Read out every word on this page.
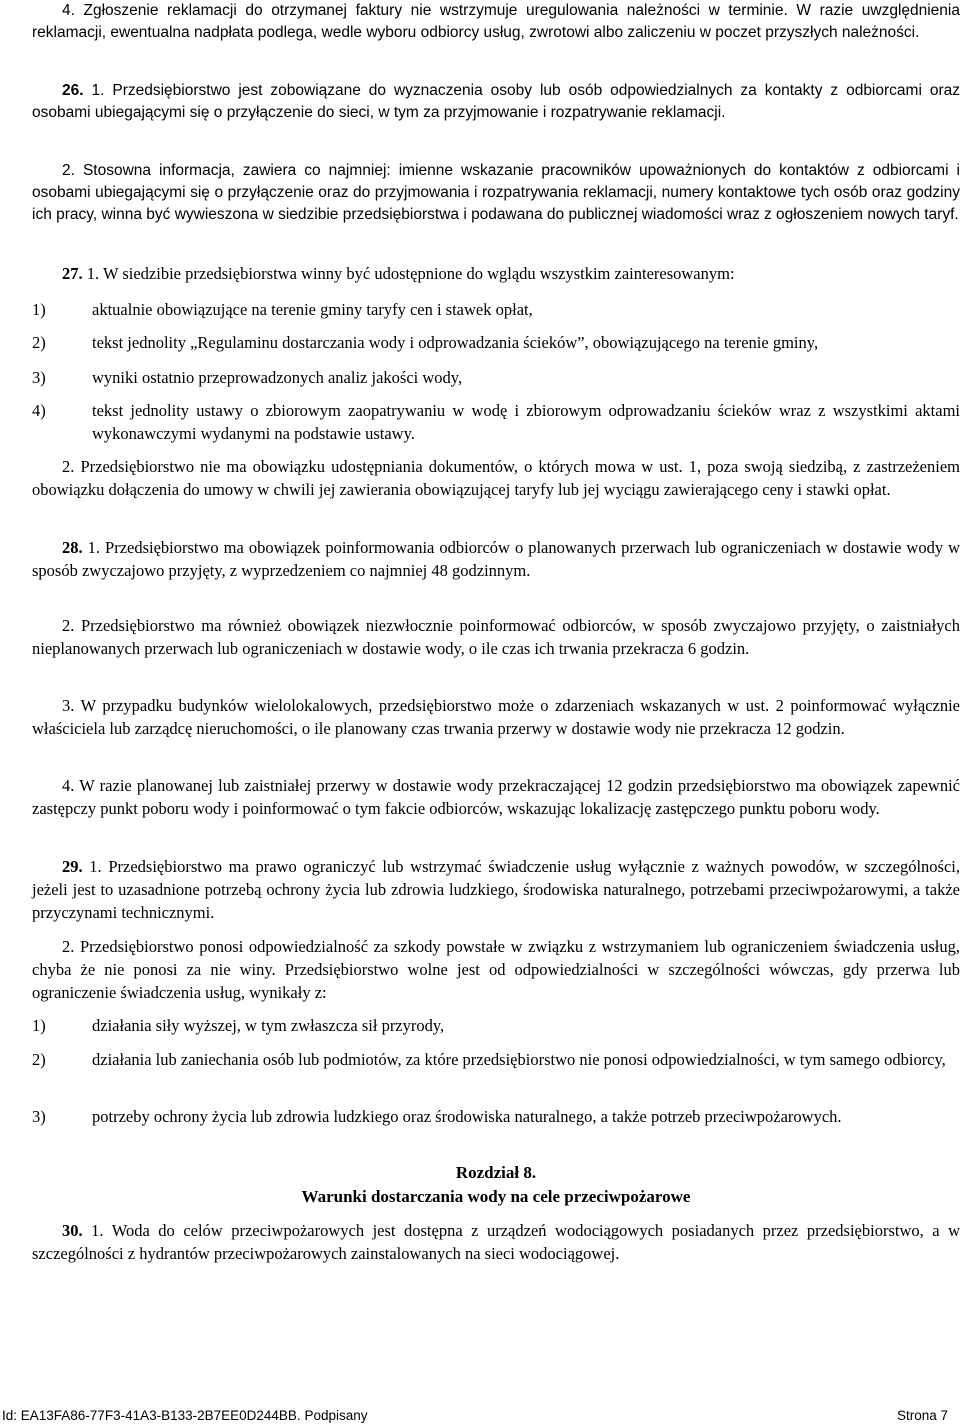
4. Zgłoszenie reklamacji do otrzymanej faktury nie wstrzymuje uregulowania należności w terminie. W razie uwzględnienia reklamacji, ewentualna nadpłata podlega, wedle wyboru odbiorcy usług, zwrotowi albo zaliczeniu w poczet przyszłych należności.

26. 1. Przedsiębiorstwo jest zobowiązane do wyznaczenia osoby lub osób odpowiedzialnych za kontakty z odbiorcami oraz osobami ubiegającymi się o przyłączenie do sieci, w tym za przyjmowanie i rozpatrywanie reklamacji.

2. Stosowna informacja, zawiera co najmniej: imienne wskazanie pracowników upoważnionych do kontaktów z odbiorcami i osobami ubiegającymi się o przyłączenie oraz do przyjmowania i rozpatrywania reklamacji, numery kontaktowe tych osób oraz godziny ich pracy, winna być wywieszona w siedzibie przedsiębiorstwa i podawana do publicznej wiadomości wraz z ogłoszeniem nowych taryf.

27. 1. W siedzibie przedsiębiorstwa winny być udostępnione do wglądu wszystkim zainteresowanym:

1)	aktualnie obowiązujące na terenie gminy taryfy cen i stawek opłat,
2)	tekst jednolity „Regulaminu dostarczania wody i odprowadzania ścieków”, obowiązującego na terenie gminy,
3)	wyniki ostatnio przeprowadzonych analiz jakości wody,
4)	tekst jednolity ustawy o zbiorowym zaopatrywaniu w wodę i zbiorowym odprowadzaniu ścieków wraz z wszystkimi aktami wykonawczymi wydanymi na podstawie ustawy.

2. Przedsiębiorstwo nie ma obowiązku udostępniania dokumentów, o których mowa w ust. 1, poza swoją siedzibą, z zastrzeżeniem obowiązku dołączenia do umowy w chwili jej zawierania obowiązującej taryfy lub jej wyciągu zawierającego ceny i stawki opłat.

28. 1. Przedsiębiorstwo ma obowiązek poinformowania odbiorców o planowanych przerwach lub ograniczeniach w dostawie wody w sposób zwyczajowo przyjęty, z wyprzedzeniem co najmniej 48 godzinnym.

2. Przedsiębiorstwo ma również obowiązek niezwłocznie poinformować odbiorców, w sposób zwyczajowo przyjęty, o zaistniałych nieplanowanych przerwach lub ograniczeniach w dostawie wody, o ile czas ich trwania przekracza 6 godzin.

3. W przypadku budynków wielolokalowych, przedsiębiorstwo może o zdarzeniach wskazanych w ust. 2 poinformować wyłącznie właściciela lub zarządcę nieruchomości, o ile planowany czas trwania przerwy w dostawie wody nie przekracza 12 godzin.

4. W razie planowanej lub zaistniałej przerwy w dostawie wody przekraczającej 12 godzin przedsiębiorstwo ma obowiązek zapewnić zastępczy punkt poboru wody i poinformować o tym fakcie odbiorców, wskazując lokalizację zastępczego punktu poboru wody.

29. 1. Przedsiębiorstwo ma prawo ograniczyć lub wstrzymać świadczenie usług wyłącznie z ważnych powodów, w szczególności, jeżeli jest to uzasadnione potrzebą ochrony życia lub zdrowia ludzkiego, środowiska naturalnego, potrzebami przeciwpożarowymi, a także przyczynami technicznymi.

2. Przedsiębiorstwo ponosi odpowiedzialność za szkody powstałe w związku z wstrzymaniem lub ograniczeniem świadczenia usług, chyba że nie ponosi za nie winy. Przedsiębiorstwo wolne jest od odpowiedzialności w szczególności wówczas, gdy przerwa lub ograniczenie świadczenia usług, wynikały z:

1)	działania siły wyższej, w tym zwłaszcza sił przyrody,
2)	działania lub zaniechania osób lub podmiotów, za które przedsiębiorstwo nie ponosi odpowiedzialności, w tym samego odbiorcy,
3)	potrzeby ochrony życia lub zdrowia ludzkiego oraz środowiska naturalnego, a także potrzeb przeciwpożarowych.
Rozdział 8.
Warunki dostarczania wody na cele przeciwpożarowe

30. 1. Woda do celów przeciwpożarowych jest dostępna z urządzeń wodociągowych posiadanych przez przedsiębiorstwo, a w szczególności z hydrantów przeciwpożarowych zainstalowanych na sieci wodociągowej.

Id: EA13FA86-77F3-41A3-B133-2B7EE0D244BB. Podpisany	Strona 7
